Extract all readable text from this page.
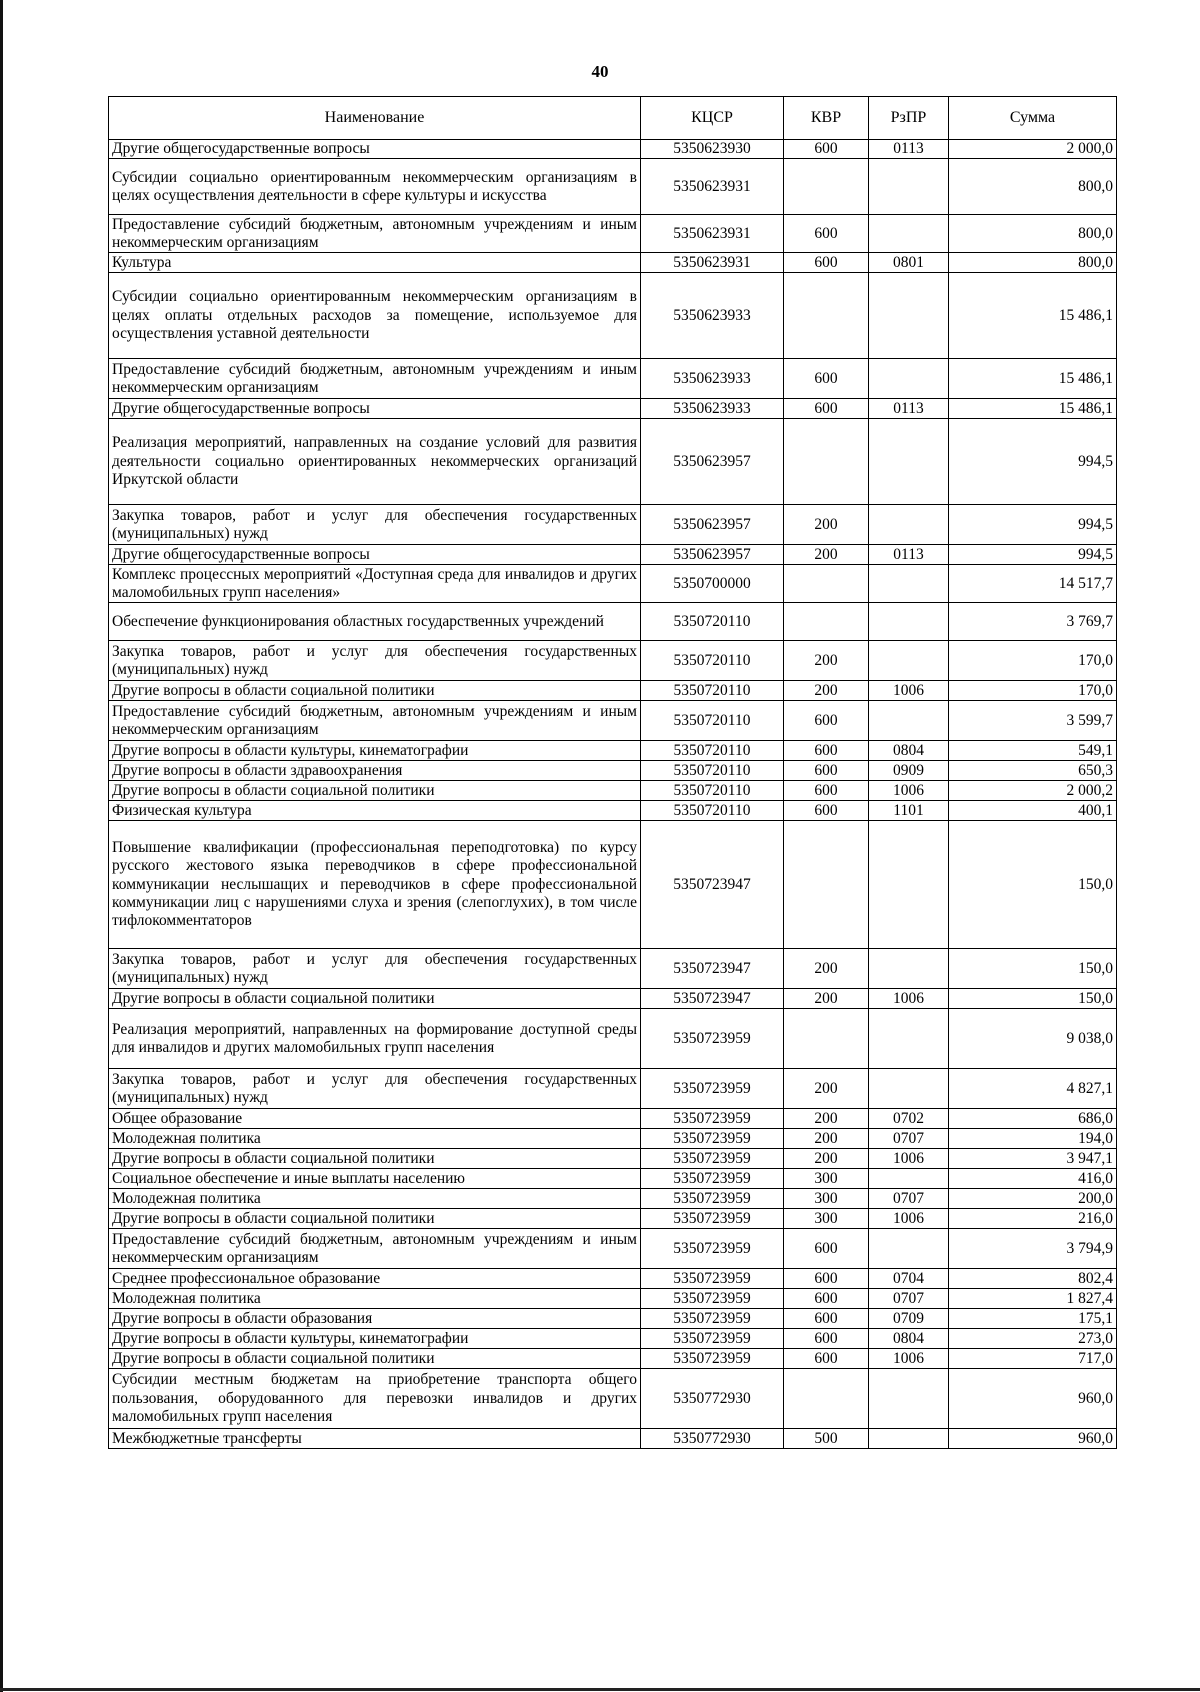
40
Наименование	КЦСР	КВР	РзПР	Сумма
Другие общегосударственные вопросы	5350623930	600	0113	2 000,0
Субсидии социально ориентированным некоммерческим организациям в целях осуществления деятельности в сфере культуры и искусства	5350623931			800,0
Предоставление субсидий бюджетным, автономным учреждениям и иным некоммерческим организациям	5350623931	600		800,0
Культура	5350623931	600	0801	800,0
Субсидии социально ориентированным некоммерческим организациям в целях оплаты отдельных расходов за помещение, используемое для осуществления уставной деятельности	5350623933			15 486,1
Предоставление субсидий бюджетным, автономным учреждениям и иным некоммерческим организациям	5350623933	600		15 486,1
Другие общегосударственные вопросы	5350623933	600	0113	15 486,1
Реализация мероприятий, направленных на создание условий для развития деятельности социально ориентированных некоммерческих организаций Иркутской области	5350623957			994,5
Закупка товаров, работ и услуг для обеспечения государственных (муниципальных) нужд	5350623957	200		994,5
Другие общегосударственные вопросы	5350623957	200	0113	994,5
Комплекс процессных мероприятий «Доступная среда для инвалидов и других маломобильных групп населения»	5350700000			14 517,7
Обеспечение функционирования областных государственных учреждений	5350720110			3 769,7
Закупка товаров, работ и услуг для обеспечения государственных (муниципальных) нужд	5350720110	200		170,0
Другие вопросы в области социальной политики	5350720110	200	1006	170,0
Предоставление субсидий бюджетным, автономным учреждениям и иным некоммерческим организациям	5350720110	600		3 599,7
Другие вопросы в области культуры, кинематографии	5350720110	600	0804	549,1
Другие вопросы в области здравоохранения	5350720110	600	0909	650,3
Другие вопросы в области социальной политики	5350720110	600	1006	2 000,2
Физическая культура	5350720110	600	1101	400,1
Повышение квалификации (профессиональная переподготовка) по курсу русского жестового языка переводчиков в сфере профессиональной коммуникации неслышащих и переводчиков в сфере профессиональной коммуникации лиц с нарушениями слуха и зрения (слепоглухих), в том числе тифлокомментаторов	5350723947			150,0
Закупка товаров, работ и услуг для обеспечения государственных (муниципальных) нужд	5350723947	200		150,0
Другие вопросы в области социальной политики	5350723947	200	1006	150,0
Реализация мероприятий, направленных на формирование доступной среды для инвалидов и других маломобильных групп населения	5350723959			9 038,0
Закупка товаров, работ и услуг для обеспечения государственных (муниципальных) нужд	5350723959	200		4 827,1
Общее образование	5350723959	200	0702	686,0
Молодежная политика	5350723959	200	0707	194,0
Другие вопросы в области социальной политики	5350723959	200	1006	3 947,1
Социальное обеспечение и иные выплаты населению	5350723959	300		416,0
Молодежная политика	5350723959	300	0707	200,0
Другие вопросы в области социальной политики	5350723959	300	1006	216,0
Предоставление субсидий бюджетным, автономным учреждениям и иным некоммерческим организациям	5350723959	600		3 794,9
Среднее профессиональное образование	5350723959	600	0704	802,4
Молодежная политика	5350723959	600	0707	1 827,4
Другие вопросы в области образования	5350723959	600	0709	175,1
Другие вопросы в области культуры, кинематографии	5350723959	600	0804	273,0
Другие вопросы в области социальной политики	5350723959	600	1006	717,0
Субсидии местным бюджетам на приобретение транспорта общего пользования, оборудованного для перевозки инвалидов и других маломобильных групп населения	5350772930			960,0
Межбюджетные трансферты	5350772930	500		960,0
